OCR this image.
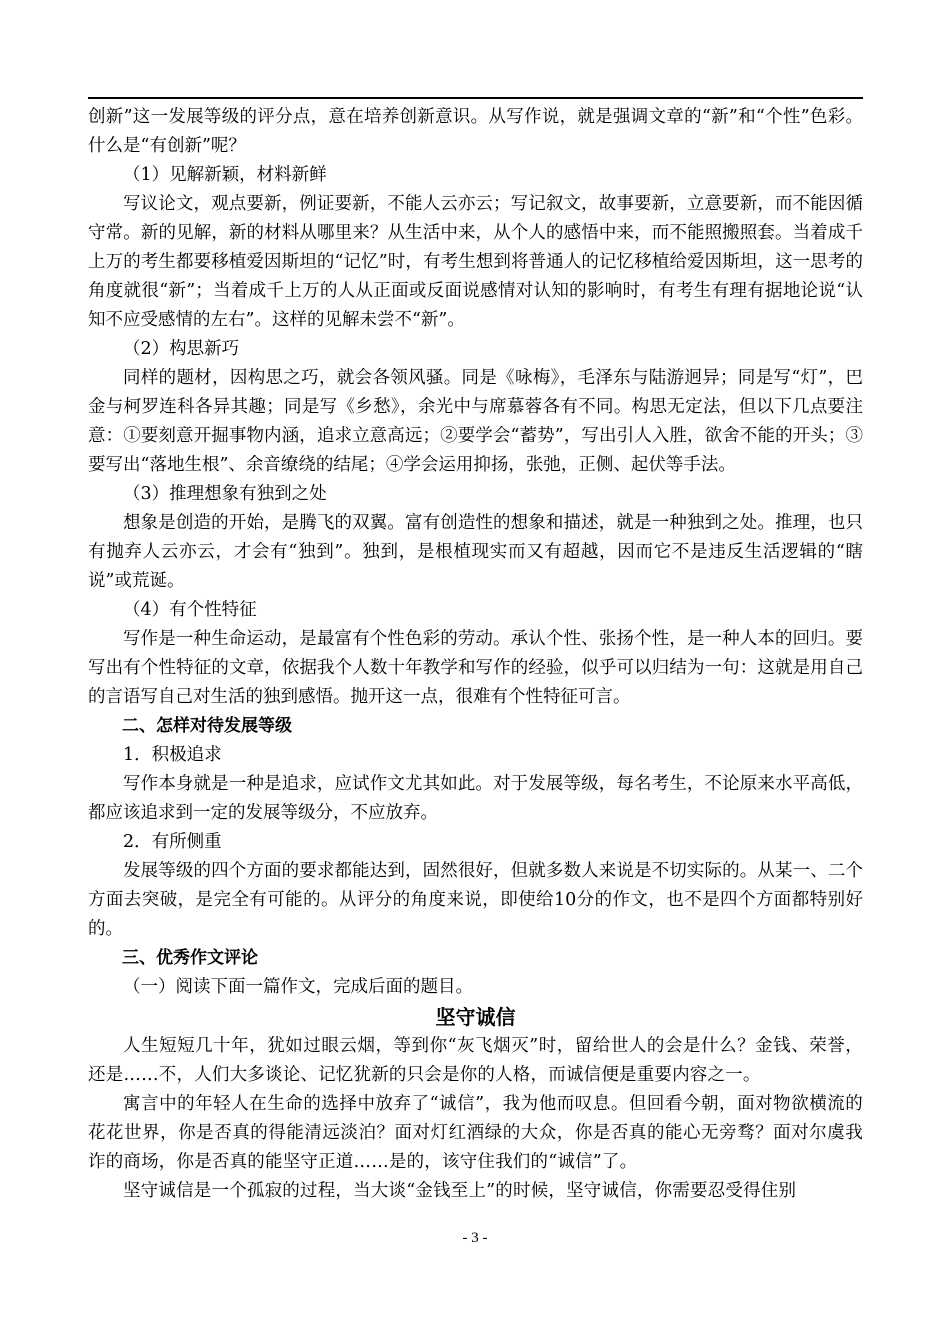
创新”这一发展等级的评分点，意在培养创新意识。从写作说，就是强调文章的“新”和“个性”色彩。什么是“有创新”呢？

（1）见解新颖，材料新鲜

写议论文，观点要新，例证要新，不能人云亦云；写记叙文，故事要新，立意要新，而不能因循守常。新的见解，新的材料从哪里来？从生活中来，从个人的感悟中来，而不能照搬照套。当着成千上万的考生都要移植爱因斯坦的“记忆”时，有考生想到将普通人的记忆移植给爱因斯坦，这一思考的角度就很“新”；当着成千上万的人从正面或反面说感情对认知的影响时，有考生有理有据地论说“认知不应受感情的左右”。这样的见解未尝不“新”。

（2）构思新巧

同样的题材，因构思之巧，就会各领风骚。同是《咏梅》，毛泽东与陆游迥异；同是写“灯”，巴金与柯罗连科各异其趣；同是写《乡愁》，余光中与席慕蓉各有不同。构思无定法，但以下几点要注意：①要刻意开掘事物内涵，追求立意高远；②要学会“蓄势”，写出引人入胜，欲舍不能的开头；③要写出“落地生根”、余音缭绕的结尾；④学会运用抑扬，张弛，正侧、起伏等手法。

（3）推理想象有独到之处

想象是创造的开始，是腾飞的双翼。富有创造性的想象和描述，就是一种独到之处。推理，也只有抛弃人云亦云，才会有“独到”。独到，是根植现实而又有超越，因而它不是违反生活逻辑的“瞎说”或荒诞。

（4）有个性特征

写作是一种生命运动，是最富有个性色彩的劳动。承认个性、张扬个性，是一种人本的回归。要写出有个性特征的文章，依据我个人数十年教学和写作的经验，似乎可以归结为一句：这就是用自己的言语写自己对生活的独到感悟。抛开这一点，很难有个性特征可言。

二、怎样对待发展等级

1．积极追求

写作本身就是一种是追求，应试作文尤其如此。对于发展等级，每名考生，不论原来水平高低，都应该追求到一定的发展等级分，不应放弃。

2．有所侧重

发展等级的四个方面的要求都能达到，固然很好，但就多数人来说是不切实际的。从某一、二个方面去突破，是完全有可能的。从评分的角度来说，即使给10分的作文，也不是四个方面都特别好的。

三、优秀作文评论

（一）阅读下面一篇作文，完成后面的题目。

坚守诚信

人生短短几十年，犹如过眼云烟，等到你“灰飞烟灭”时，留给世人的会是什么？金钱、荣誉，还是……不，人们大多谈论、记忆犹新的只会是你的人格，而诚信便是重要内容之一。

寓言中的年轻人在生命的选择中放弃了“诚信”，我为他而叹息。但回看今朝，面对物欲横流的花花世界，你是否真的得能清远淡泊？面对灯红酒绿的大众，你是否真的能心无旁骛？面对尔虞我诈的商场，你是否真的能坚守正道……是的，该守住我们的“诚信”了。

坚守诚信是一个孤寂的过程，当大谈“金钱至上”的时候，坚守诚信，你需要忍受得住别

- 3 -
